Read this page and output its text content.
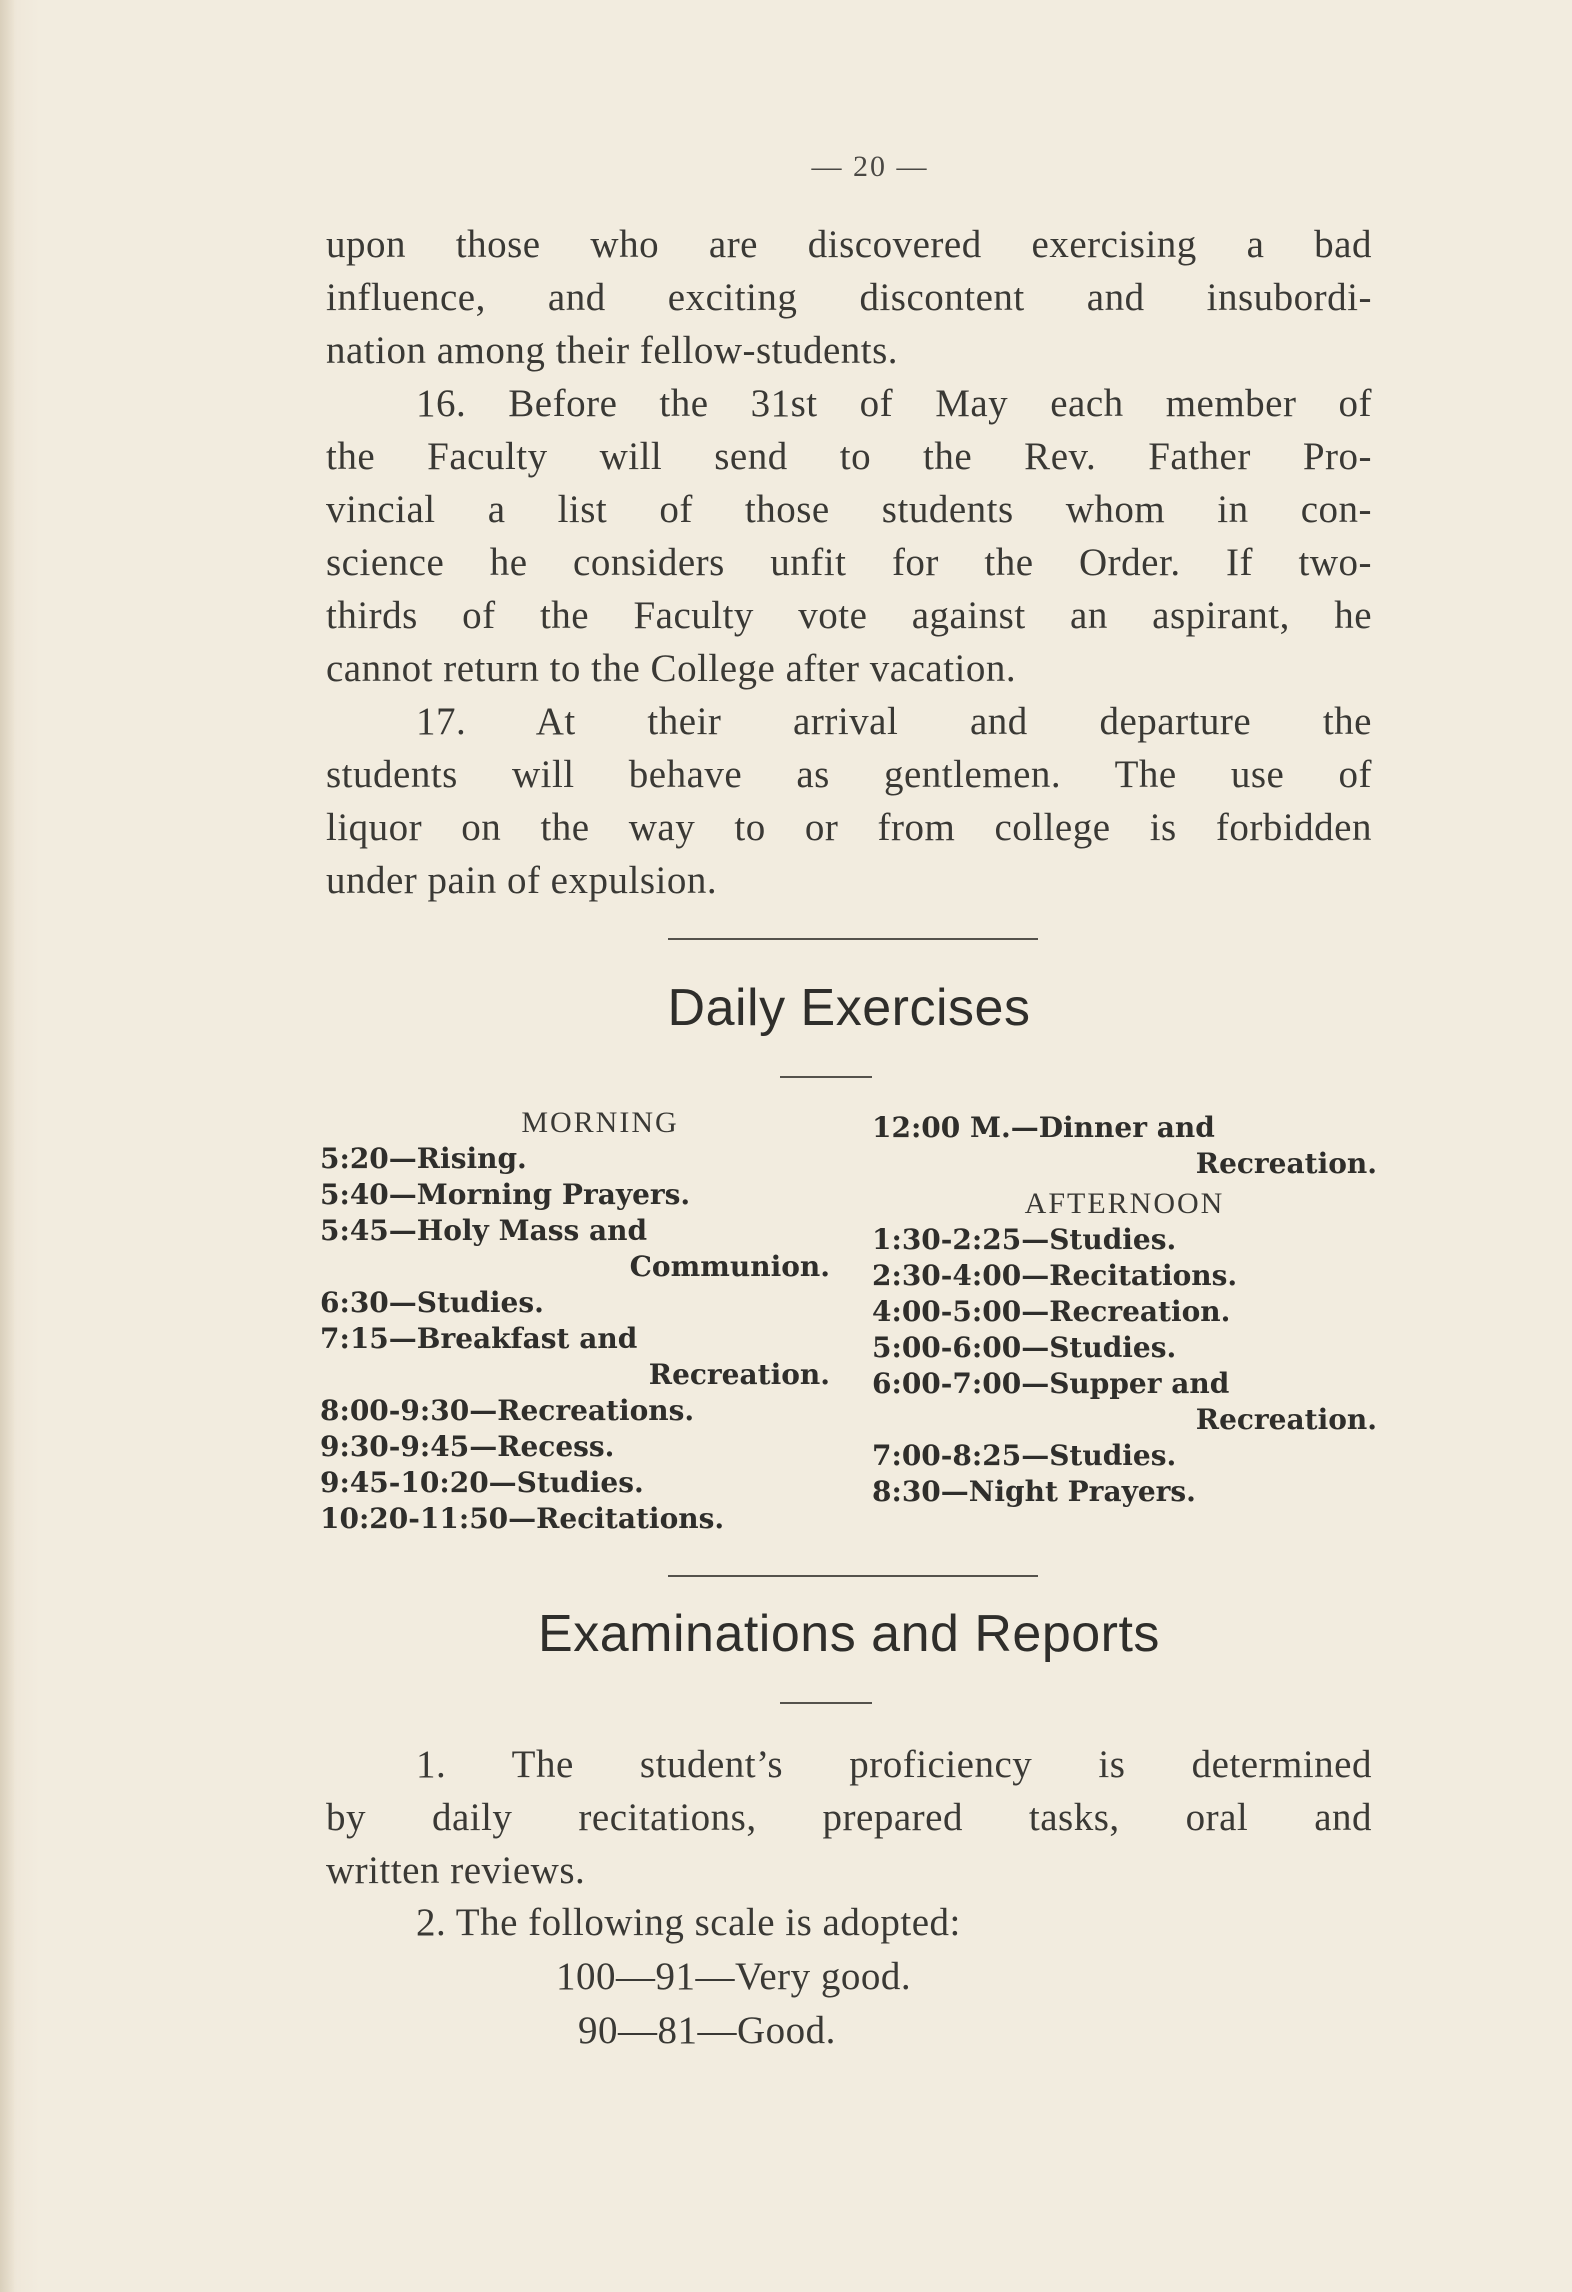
— 20 —

upon those who are discovered exercising a bad
influence, and exciting discontent and insubordi-
nation among their fellow-students.

16. Before the 31st of May each member of
the Faculty will send to the Rev. Father Pro-
vincial a list of those students whom in con-
science he considers unfit for the Order. If two-
thirds of the Faculty vote against an aspirant, he
cannot return to the College after vacation.

17. At their arrival and departure the
students will behave as gentlemen. The use of
liquor on the way to or from college is forbidden
under pain of expulsion.

Daily Exercises
MORNING
5:20—Rising.
5:40—Morning Prayers.
5:45—Holy Mass and
Communion.
6:30—Studies.
7:15—Breakfast and
Recreation.
8:00-9:30—Recreations.
9:30-9:45—Recess.
9:45-10:20—Studies.
10:20-11:50—Recitations.
12:00 M.—Dinner and
Recreation.
AFTERNOON
1:30-2:25—Studies.
2:30-4:00—Recitations.
4:00-5:00—Recreation.
5:00-6:00—Studies.
6:00-7:00—Supper and
Recreation.
7:00-8:25—Studies.
8:30—Night Prayers.
Examinations and Reports

1. The student’s proficiency is determined
by daily recitations, prepared tasks, oral and
written reviews.

2. The following scale is adopted:
100—91—Very good.
90—81—Good.
